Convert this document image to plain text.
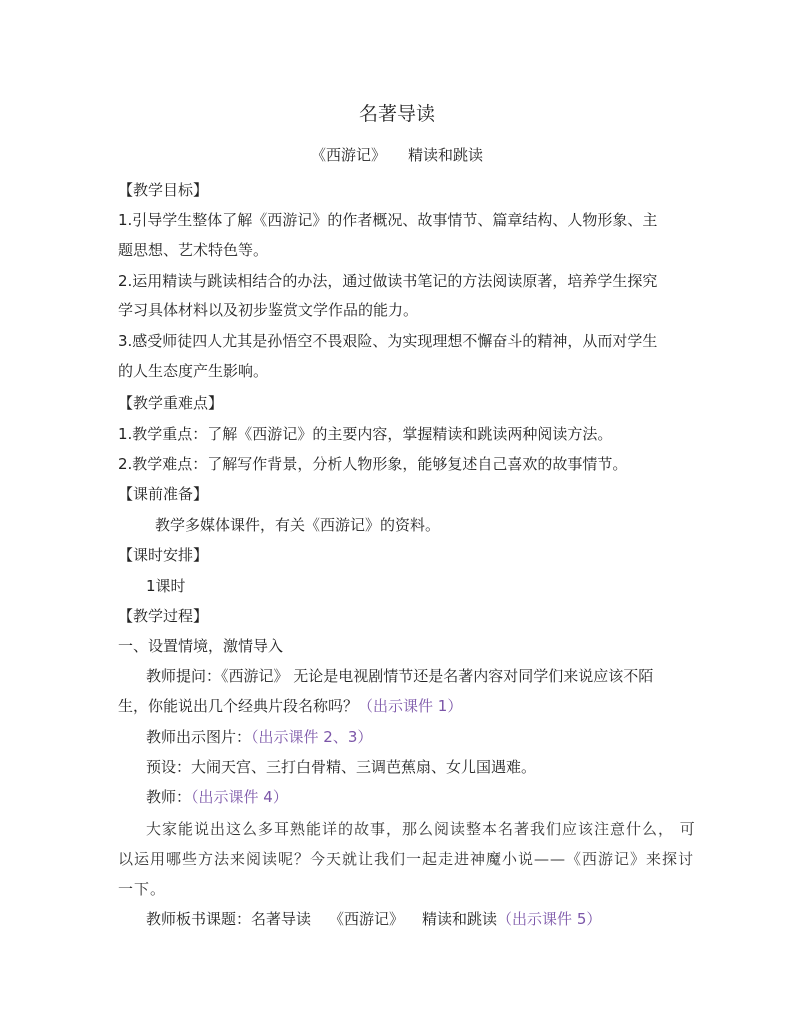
名著导读
《西游记》 精读和跳读
【教学目标】
1.引导学生整体了解《西游记》的作者概况、故事情节、篇章结构、人物形象、主
题思想、艺术特色等。
2.运用精读与跳读相结合的办法，通过做读书笔记的方法阅读原著，培养学生探究
学习具体材料以及初步鉴赏文学作品的能力。
3.感受师徒四人尤其是孙悟空不畏艰险、为实现理想不懈奋斗的精神，从而对学生
的人生态度产生影响。
【教学重难点】
1.教学重点：了解《西游记》的主要内容，掌握精读和跳读两种阅读方法。
2.教学难点：了解写作背景，分析人物形象，能够复述自己喜欢的故事情节。
【课前准备】
教学多媒体课件，有关《西游记》的资料。
【课时安排】
1课时
【教学过程】
一、设置情境，激情导入
教师提问：《西游记》 无论是电视剧情节还是名著内容对同学们来说应该不陌
生，你能说出几个经典片段名称吗？（出示课件 1）
教师出示图片：（出示课件 2、3）
预设：大闹天宫、三打白骨精、三调芭蕉扇、女儿国遇难。
教师：（出示课件 4）
大家能说出这么多耳熟能详的故事，那么阅读整本名著我们应该注意什么， 可
以运用哪些方法来阅读呢？今天就让我们一起走进神魔小说——《西游记》来探讨
一下。
教师板书课题：名著导读 《西游记》 精读和跳读（出示课件 5）
